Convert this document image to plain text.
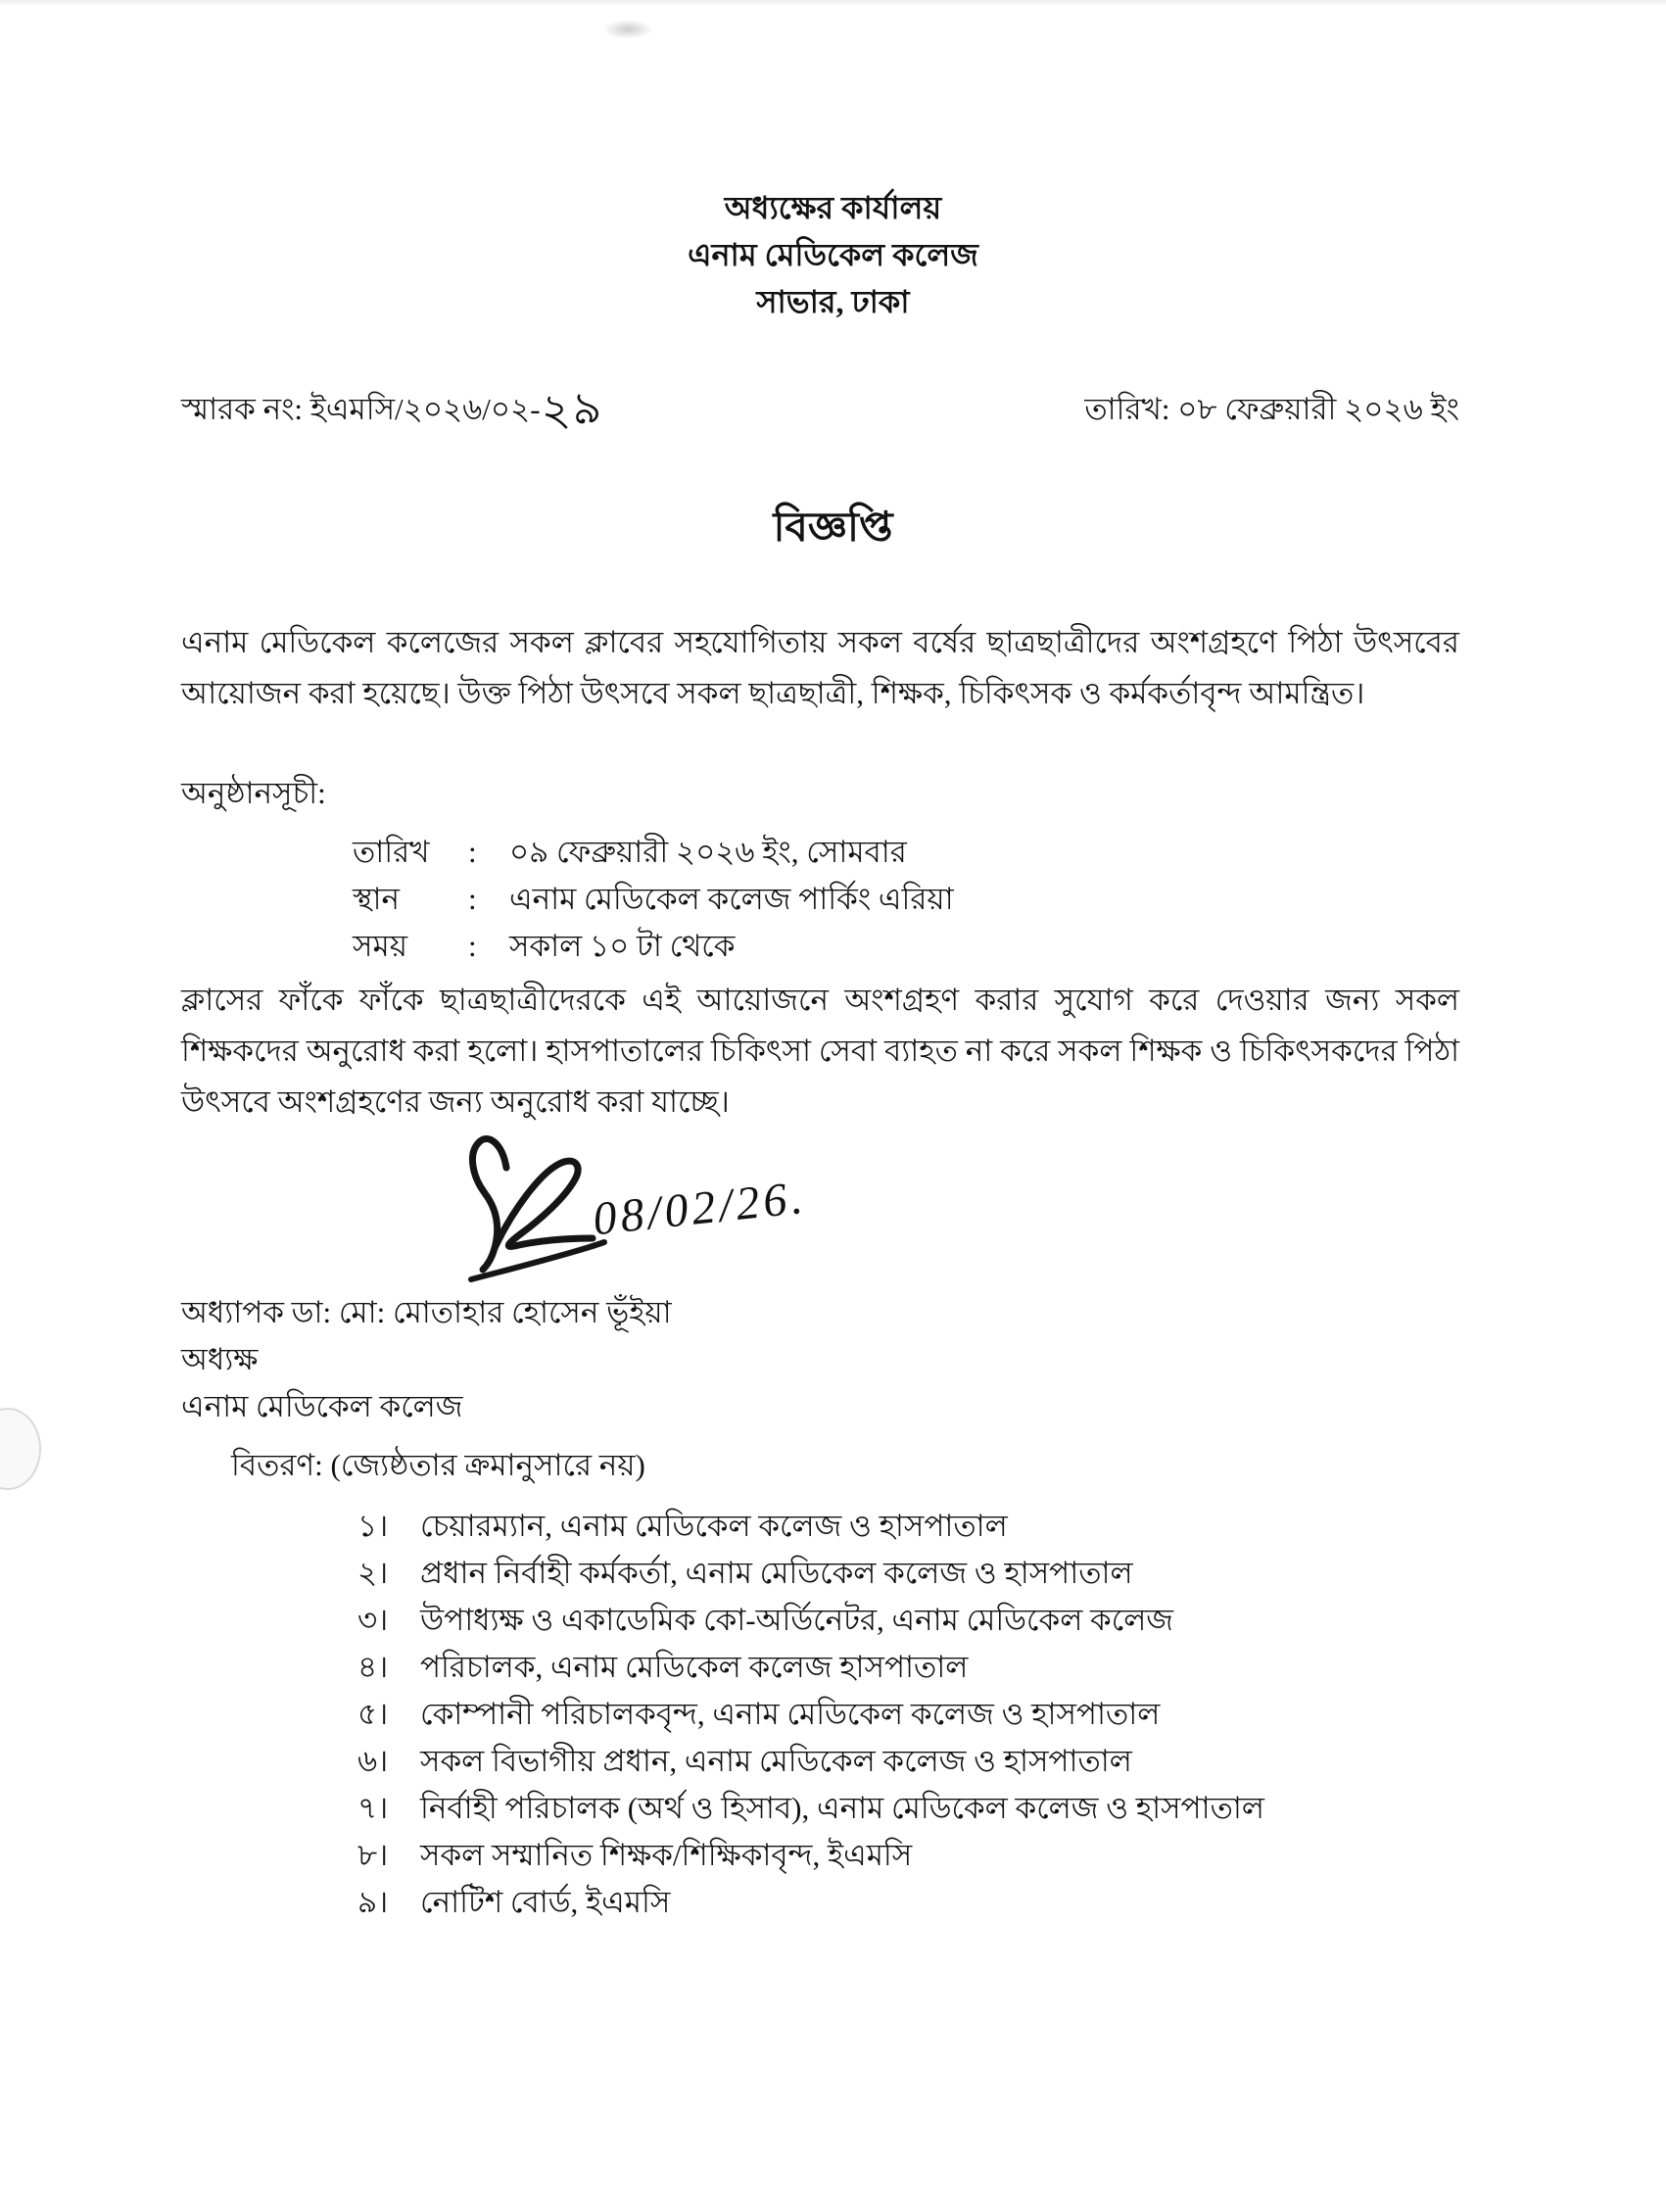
অধ্যক্ষের কার্যালয়
এনাম মেডিকেল কলেজ
সাভার, ঢাকা
স্মারক নং: ইএমসি/২০২৬/০২-২৯	তারিখ: ০৮ ফেব্রুয়ারী ২০২৬ ইং
বিজ্ঞপ্তি

এনাম মেডিকেল কলেজের সকল ক্লাবের সহযোগিতায় সকল বর্ষের ছাত্রছাত্রীদের অংশগ্রহণে পিঠা উৎসবের আয়োজন করা হয়েছে। উক্ত পিঠা উৎসবে সকল ছাত্রছাত্রী, শিক্ষক, চিকিৎসক ও কর্মকর্তাবৃন্দ আমন্ত্রিত।

অনুষ্ঠানসূচী:
তারিখ	:	০৯ ফেব্রুয়ারী ২০২৬ ইং, সোমবার
স্থান	:	এনাম মেডিকেল কলেজ পার্কিং এরিয়া
সময়	:	সকাল ১০ টা থেকে

ক্লাসের ফাঁকে ফাঁকে ছাত্রছাত্রীদেরকে এই আয়োজনে অংশগ্রহণ করার সুযোগ করে দেওয়ার জন্য সকল শিক্ষকদের অনুরোধ করা হলো। হাসপাতালের চিকিৎসা সেবা ব্যাহত না করে সকল শিক্ষক ও চিকিৎসকদের পিঠা উৎসবে অংশগ্রহণের জন্য অনুরোধ করা যাচ্ছে।

08/02/26.
অধ্যাপক ডা: মো: মোতাহার হোসেন ভূঁইয়া
অধ্যক্ষ
এনাম মেডিকেল কলেজ
বিতরণ: (জ্যেষ্ঠতার ক্রমানুসারে নয়)
১।	চেয়ারম্যান, এনাম মেডিকেল কলেজ ও হাসপাতাল
২।	প্রধান নির্বাহী কর্মকর্তা, এনাম মেডিকেল কলেজ ও হাসপাতাল
৩।	উপাধ্যক্ষ ও একাডেমিক কো-অর্ডিনেটর, এনাম মেডিকেল কলেজ
৪।	পরিচালক, এনাম মেডিকেল কলেজ হাসপাতাল
৫।	কোম্পানী পরিচালকবৃন্দ, এনাম মেডিকেল কলেজ ও হাসপাতাল
৬।	সকল বিভাগীয় প্রধান, এনাম মেডিকেল কলেজ ও হাসপাতাল
৭।	নির্বাহী পরিচালক (অর্থ ও হিসাব), এনাম মেডিকেল কলেজ ও হাসপাতাল
৮।	সকল সম্মানিত শিক্ষক/শিক্ষিকাবৃন্দ, ইএমসি
৯।	নোটিশ বোর্ড, ইএমসি
